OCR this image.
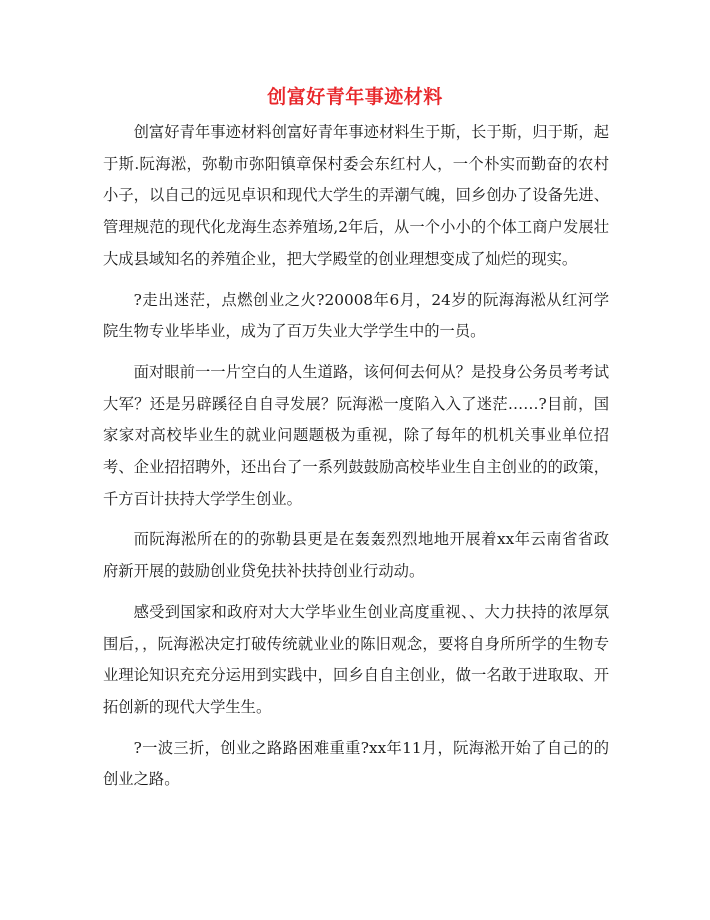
创富好青年事迹材料

创富好青年事迹材料创富好青年事迹材料生于斯，长于斯，归于斯，起于斯.阮海淞，弥勒市弥阳镇章保村委会东红村人，一个朴实而勤奋的农村小子，以自己的远见卓识和现代大学生的弄潮气魄，回乡创办了设备先进、管理规范的现代化龙海生态养殖场,2年后，从一个小小的个体工商户发展壮大成县域知名的养殖企业，把大学殿堂的创业理想变成了灿烂的现实。

?走出迷茫，点燃创业之火?20008年6月，24岁的阮海海淞从红河学院生物专业毕毕业，成为了百万失业大学学生中的一员。

面对眼前一一片空白的人生道路，该何何去何从？是投身公务员考考试大军？还是另辟蹊径自自寻发展？阮海淞一度陷入入了迷茫……?目前，国家家对高校毕业生的就业问题题极为重视，除了每年的机机关事业单位招考、企业招招聘外，还出台了一系列鼓鼓励高校毕业生自主创业的的政策，千方百计扶持大学学生创业。

而阮海淞所在的的弥勒县更是在轰轰烈烈地地开展着xx年云南省省政府新开展的鼓励创业贷免扶补扶持创业行动动。

感受到国家和政府对大大学毕业生创业高度重视、、大力扶持的浓厚氛围后，，阮海淞决定打破传统就业业的陈旧观念，要将自身所所学的生物专业理论知识充充分运用到实践中，回乡自自主创业，做一名敢于进取取、开拓创新的现代大学生生。

?一波三折，创业之路路困难重重?xx年11月，阮海淞开始了自己的的创业之路。
